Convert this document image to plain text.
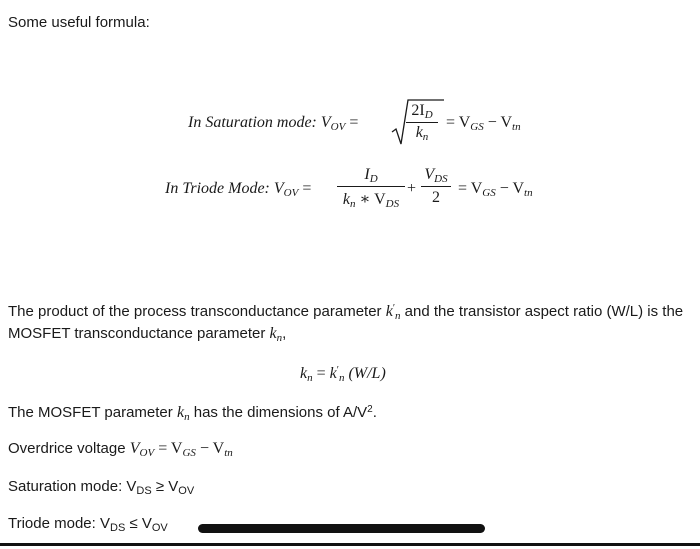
Some useful formula:
In Saturation mode: $V_{OV}$ =
$2I_D$
$k_n$
= $V_{GS} - V_{tn}$
In Triode Mode: $V_{OV}$ =
$I_D$
$k_n$ ∗ $V_{DS}$
+
$V_{DS}$
2
= $V_{GS} - V_{tn}$
The product of the process transconductance parameter $k'_n$ and the transistor aspect ratio (W/L) is the
MOSFET transconductance parameter $k_n$,
$k_n = k'_n$ (W/L)
The MOSFET parameter $k_n$ has the dimensions of $A/V^2$.
Overdrice voltage $V_{OV} = V_{GS} - V_{tn}$
Saturation mode: $V_{DS} \ge V_{OV}$
Triode mode: $V_{DS} \le V_{OV}$
